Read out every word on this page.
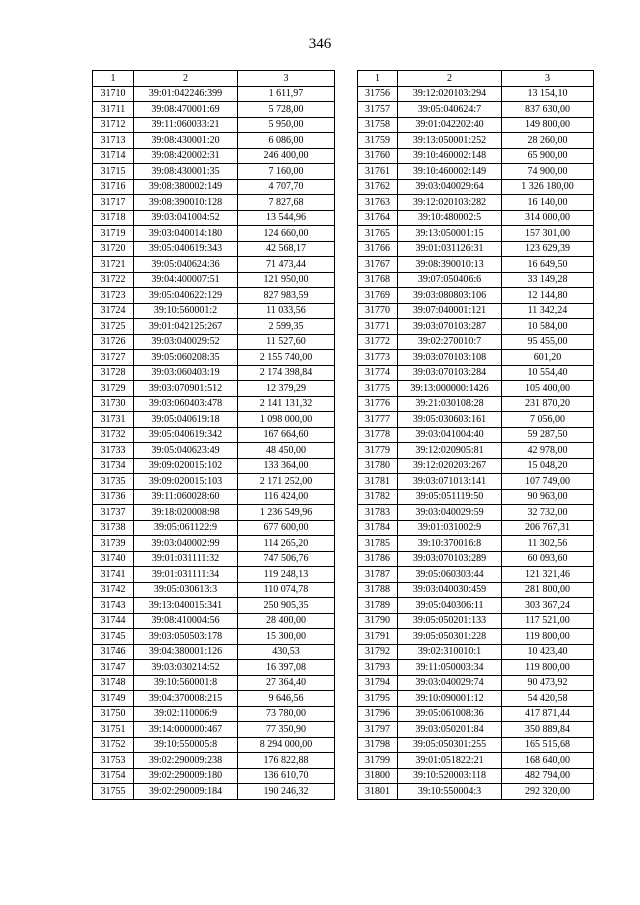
346
1	2	3
31710	39:01:042246:399	1 611,97
31711	39:08:470001:69	5 728,00
31712	39:11:060033:21	5 950,00
31713	39:08:430001:20	6 086,00
31714	39:08:420002:31	246 400,00
31715	39:08:430001:35	7 160,00
31716	39:08:380002:149	4 707,70
31717	39:08:390010:128	7 827,68
31718	39:03:041004:52	13 544,96
31719	39:03:040014:180	124 660,00
31720	39:05:040619:343	42 568,17
31721	39:05:040624:36	71 473,44
31722	39:04:400007:51	121 950,00
31723	39:05:040622:129	827 983,59
31724	39:10:560001:2	11 033,56
31725	39:01:042125:267	2 599,35
31726	39:03:040029:52	11 527,60
31727	39:05:060208:35	2 155 740,00
31728	39:03:060403:19	2 174 398,84
31729	39:03:070901:512	12 379,29
31730	39:03:060403:478	2 141 131,32
31731	39:05:040619:18	1 098 000,00
31732	39:05:040619:342	167 664,60
31733	39:05:040623:49	48 450,00
31734	39:09:020015:102	133 364,00
31735	39:09:020015:103	2 171 252,00
31736	39:11:060028:60	116 424,00
31737	39:18:020008:98	1 236 549,96
31738	39:05:061122:9	677 600,00
31739	39:03:040002:99	114 265,20
31740	39:01:031111:32	747 506,76
31741	39:01:031111:34	119 248,13
31742	39:05:030613:3	110 074,78
31743	39:13:040015:341	250 905,35
31744	39:08:410004:56	28 400,00
31745	39:03:050503:178	15 300,00
31746	39:04:380001:126	430,53
31747	39:03:030214:52	16 397,08
31748	39:10:560001:8	27 364,40
31749	39:04:370008:215	9 646,56
31750	39:02:110006:9	73 780,00
31751	39:14:000000:467	77 350,90
31752	39:10:550005:8	8 294 000,00
31753	39:02:290009:238	176 822,88
31754	39:02:290009:180	136 610,70
31755	39:02:290009:184	190 246,32
1	2	3
31756	39:12:020103:294	13 154,10
31757	39:05:040624:7	837 630,00
31758	39:01:042202:40	149 800,00
31759	39:13:050001:252	28 260,00
31760	39:10:460002:148	65 900,00
31761	39:10:460002:149	74 900,00
31762	39:03:040029:64	1 326 180,00
31763	39:12:020103:282	16 140,00
31764	39:10:480002:5	314 000,00
31765	39:13:050001:15	157 301,00
31766	39:01:031126:31	123 629,39
31767	39:08:390010:13	16 649,50
31768	39:07:050406:6	33 149,28
31769	39:03:080803:106	12 144,80
31770	39:07:040001:121	11 342,24
31771	39:03:070103:287	10 584,00
31772	39:02:270010:7	95 455,00
31773	39:03:070103:108	601,20
31774	39:03:070103:284	10 554,40
31775	39:13:000000:1426	105 400,00
31776	39:21:030108:28	231 870,20
31777	39:05:030603:161	7 056,00
31778	39:03:041004:40	59 287,50
31779	39:12:020905:81	42 978,00
31780	39:12:020203:267	15 048,20
31781	39:03:071013:141	107 749,00
31782	39:05:051119:50	90 963,00
31783	39:03:040029:59	32 732,00
31784	39:01:031002:9	206 767,31
31785	39:10:370016:8	11 302,56
31786	39:03:070103:289	60 093,60
31787	39:05:060303:44	121 321,46
31788	39:03:040030:459	281 800,00
31789	39:05:040306:11	303 367,24
31790	39:05:050201:133	117 521,00
31791	39:05:050301:228	119 800,00
31792	39:02:310010:1	10 423,40
31793	39:11:050003:34	119 800,00
31794	39:03:040029:74	90 473,92
31795	39:10:090001:12	54 420,58
31796	39:05:061008:36	417 871,44
31797	39:03:050201:84	350 889,84
31798	39:05:050301:255	165 515,68
31799	39:01:051822:21	168 640,00
31800	39:10:520003:118	482 794,00
31801	39:10:550004:3	292 320,00
